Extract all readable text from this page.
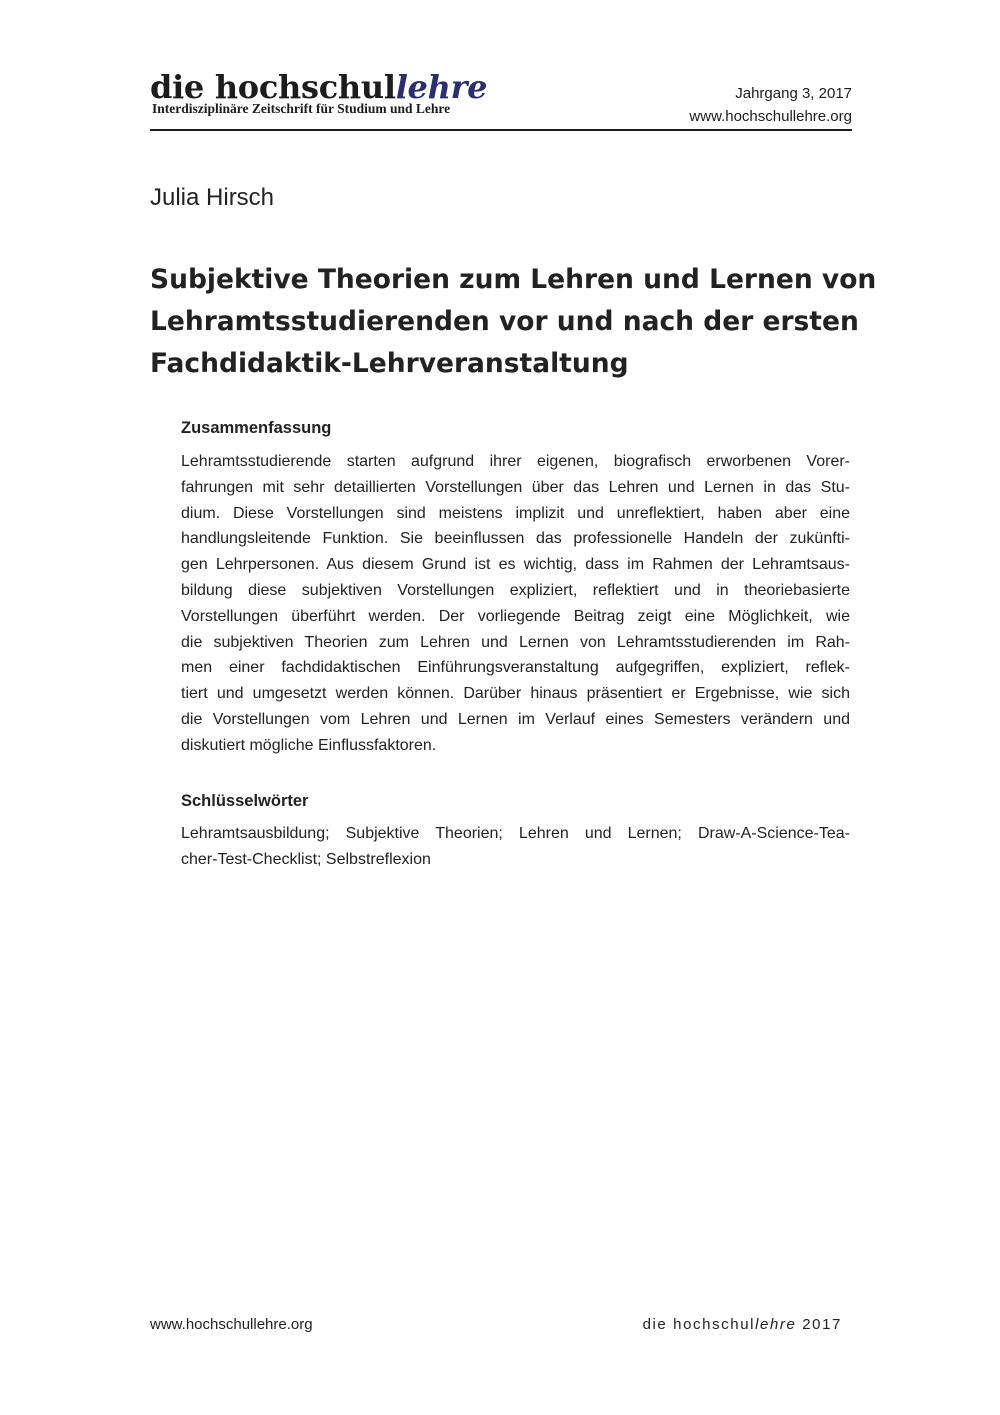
die hochschullehre
Interdisziplinäre Zeitschrift für Studium und Lehre
Jahrgang 3, 2017
www.hochschullehre.org
Julia Hirsch
Subjektive Theorien zum Lehren und Lernen von
Lehramtsstudierenden vor und nach der ersten
Fachdidaktik-Lehrveranstaltung
Zusammenfassung

Lehramtsstudierende starten aufgrund ihrer eigenen, biografisch erworbenen Vorer-
fahrungen mit sehr detaillierten Vorstellungen über das Lehren und Lernen in das Stu-
dium. Diese Vorstellungen sind meistens implizit und unreflektiert, haben aber eine
handlungsleitende Funktion. Sie beeinflussen das professionelle Handeln der zukünfti-
gen Lehrpersonen. Aus diesem Grund ist es wichtig, dass im Rahmen der Lehramtsaus-
bildung diese subjektiven Vorstellungen expliziert, reflektiert und in theoriebasierte
Vorstellungen überführt werden. Der vorliegende Beitrag zeigt eine Möglichkeit, wie
die subjektiven Theorien zum Lehren und Lernen von Lehramtsstudierenden im Rah-
men einer fachdidaktischen Einführungsveranstaltung aufgegriffen, expliziert, reflek-
tiert und umgesetzt werden können. Darüber hinaus präsentiert er Ergebnisse, wie sich
die Vorstellungen vom Lehren und Lernen im Verlauf eines Semesters verändern und
diskutiert mögliche Einflussfaktoren.

Schlüsselwörter

Lehramtsausbildung; Subjektive Theorien; Lehren und Lernen; Draw-A-Science-Tea-
cher-Test-Checklist; Selbstreflexion

www.hochschullehre.org	die hochschullehre 2017
